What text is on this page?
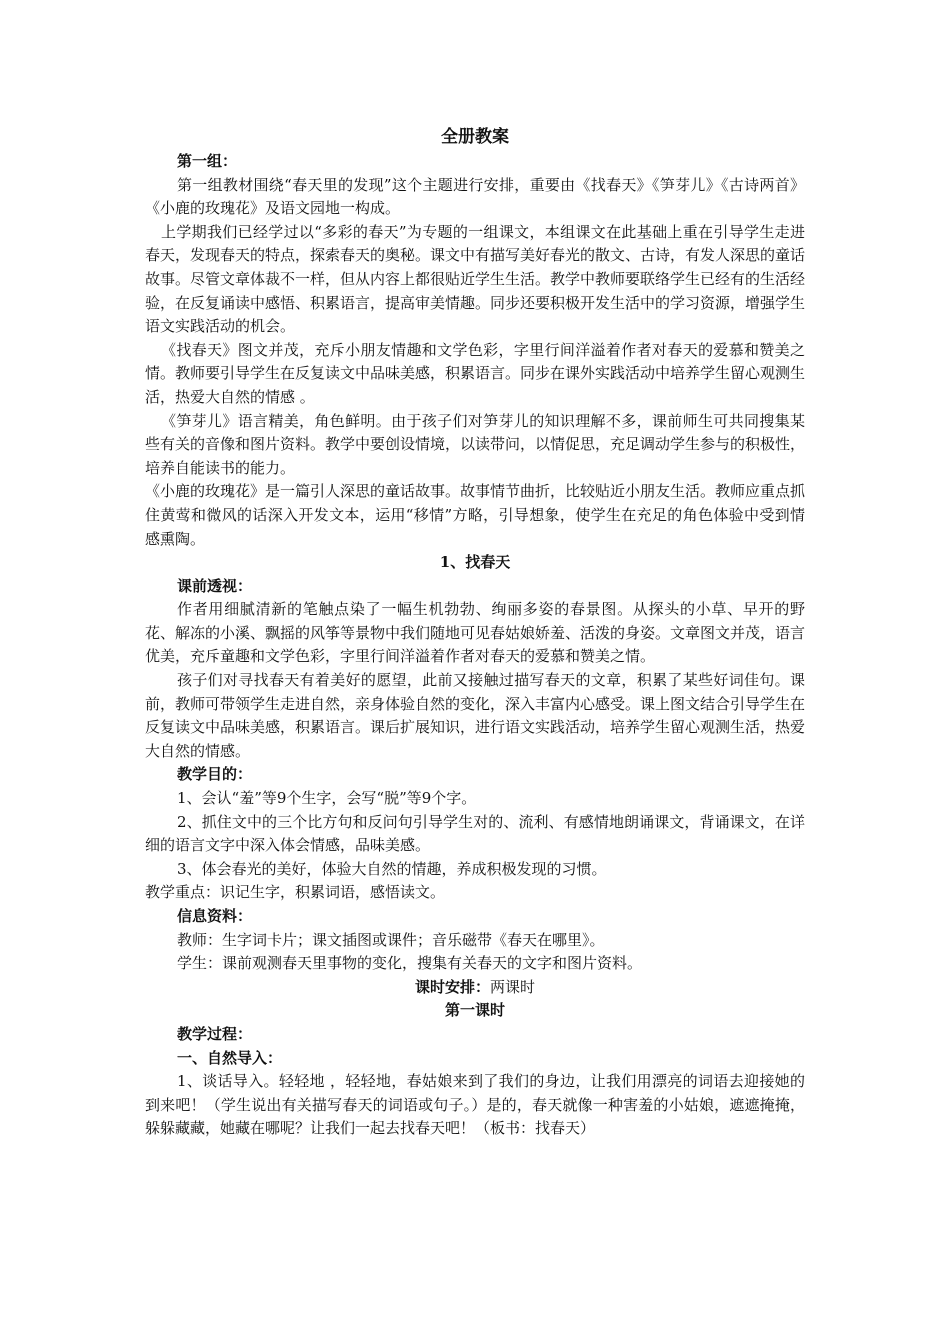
全册教案

第一组：

第一组教材围绕“春天里的发现”这个主题进行安排，重要由《找春天》《笋芽儿》《古诗两首》《小鹿的玫瑰花》及语文园地一构成。

上学期我们已经学过以“多彩的春天”为专题的一组课文，本组课文在此基础上重在引导学生走进春天，发现春天的特点，探索春天的奥秘。课文中有描写美好春光的散文、古诗，有发人深思的童话故事。尽管文章体裁不一样，但从内容上都很贴近学生生活。教学中教师要联络学生已经有的生活经验，在反复诵读中感悟、积累语言，提高审美情趣。同步还要积极开发生活中的学习资源，增强学生语文实践活动的机会。

《找春天》图文并茂，充斥小朋友情趣和文学色彩，字里行间洋溢着作者对春天的爱慕和赞美之情。教师要引导学生在反复读文中品味美感，积累语言。同步在课外实践活动中培养学生留心观测生活，热爱大自然的情感 。

《笋芽儿》语言精美，角色鲜明。由于孩子们对笋芽儿的知识理解不多，课前师生可共同搜集某些有关的音像和图片资料。教学中要创设情境，以读带问，以情促思，充足调动学生参与的积极性，培养自能读书的能力。

《小鹿的玫瑰花》是一篇引人深思的童话故事。故事情节曲折，比较贴近小朋友生活。教师应重点抓住黄莺和微风的话深入开发文本，运用“移情”方略，引导想象，使学生在充足的角色体验中受到情感熏陶。

1、找春天

课前透视：

作者用细腻清新的笔触点染了一幅生机勃勃、绚丽多姿的春景图。从探头的小草、早开的野花、解冻的小溪、飘摇的风筝等景物中我们随地可见春姑娘娇羞、活泼的身姿。文章图文并茂，语言优美，充斥童趣和文学色彩，字里行间洋溢着作者对春天的爱慕和赞美之情。

孩子们对寻找春天有着美好的愿望，此前又接触过描写春天的文章，积累了某些好词佳句。课前，教师可带领学生走进自然，亲身体验自然的变化，深入丰富内心感受。课上图文结合引导学生在反复读文中品味美感，积累语言。课后扩展知识，进行语文实践活动，培养学生留心观测生活，热爱大自然的情感。

教学目的：

1、会认“羞”等9个生字，会写“脱”等9个字。

2、抓住文中的三个比方句和反问句引导学生对的、流利、有感情地朗诵课文，背诵课文，在详细的语言文字中深入体会情感，品味美感。

3、体会春光的美好，体验大自然的情趣，养成积极发现的习惯。

教学重点：识记生字，积累词语，感悟读文。

信息资料：

教师：生字词卡片；课文插图或课件；音乐磁带《春天在哪里》。

学生：课前观测春天里事物的变化，搜集有关春天的文字和图片资料。

课时安排：两课时

第一课时

教学过程：

一、自然导入：

1、谈话导入。轻轻地 ，轻轻地，春姑娘来到了我们的身边，让我们用漂亮的词语去迎接她的到来吧！（学生说出有关描写春天的词语或句子。）是的，春天就像一种害羞的小姑娘，遮遮掩掩，躲躲藏藏，她藏在哪呢？让我们一起去找春天吧！（板书：找春天）
